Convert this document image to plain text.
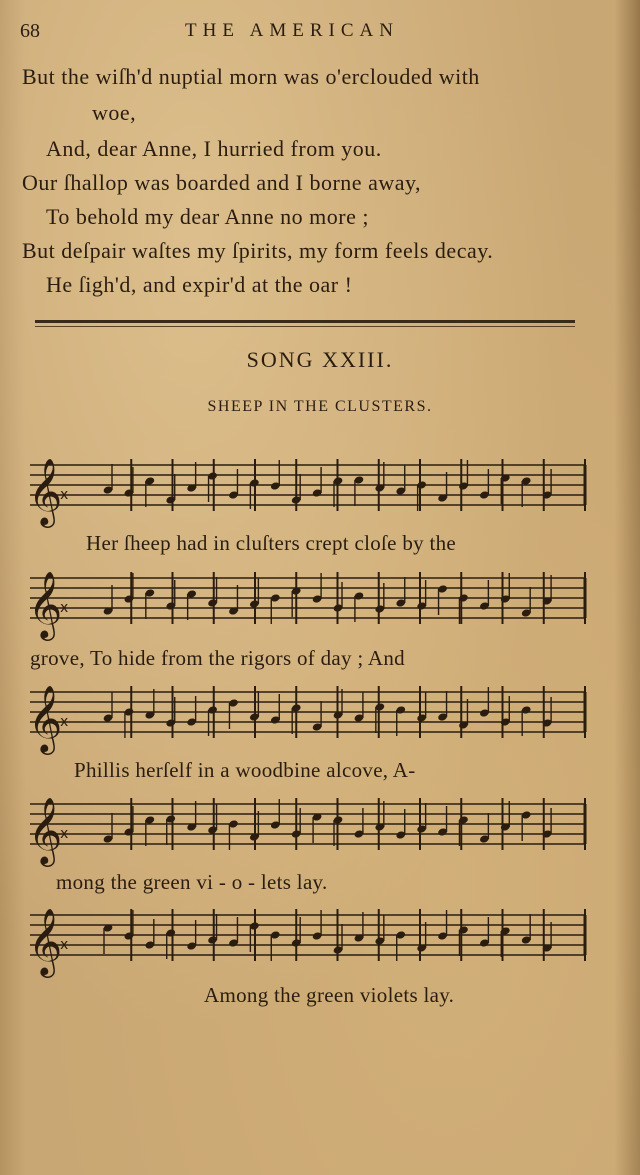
68	THE AMERICAN
But the wiſh'd nuptial morn was o'erclouded with
woe,
And, dear Anne, I hurried from you.
Our ſhallop was boarded and I borne away,
To behold my dear Anne no more ;
But deſpair waſtes my ſpirits, my form feels decay.
He ſigh'd, and expir'd at the oar !
SONG XXIII.
SHEEP IN THE CLUSTERS.
𝄞
x
Her ſheep had in cluſters crept cloſe by the
𝄞
x
grove, To hide from the rigors of day ; And
𝄞
x
Phillis herſelf in a woodbine alcove, A-
𝄞
x
mong the green vi - o - lets lay.
𝄞
x
Among the green violets lay.
